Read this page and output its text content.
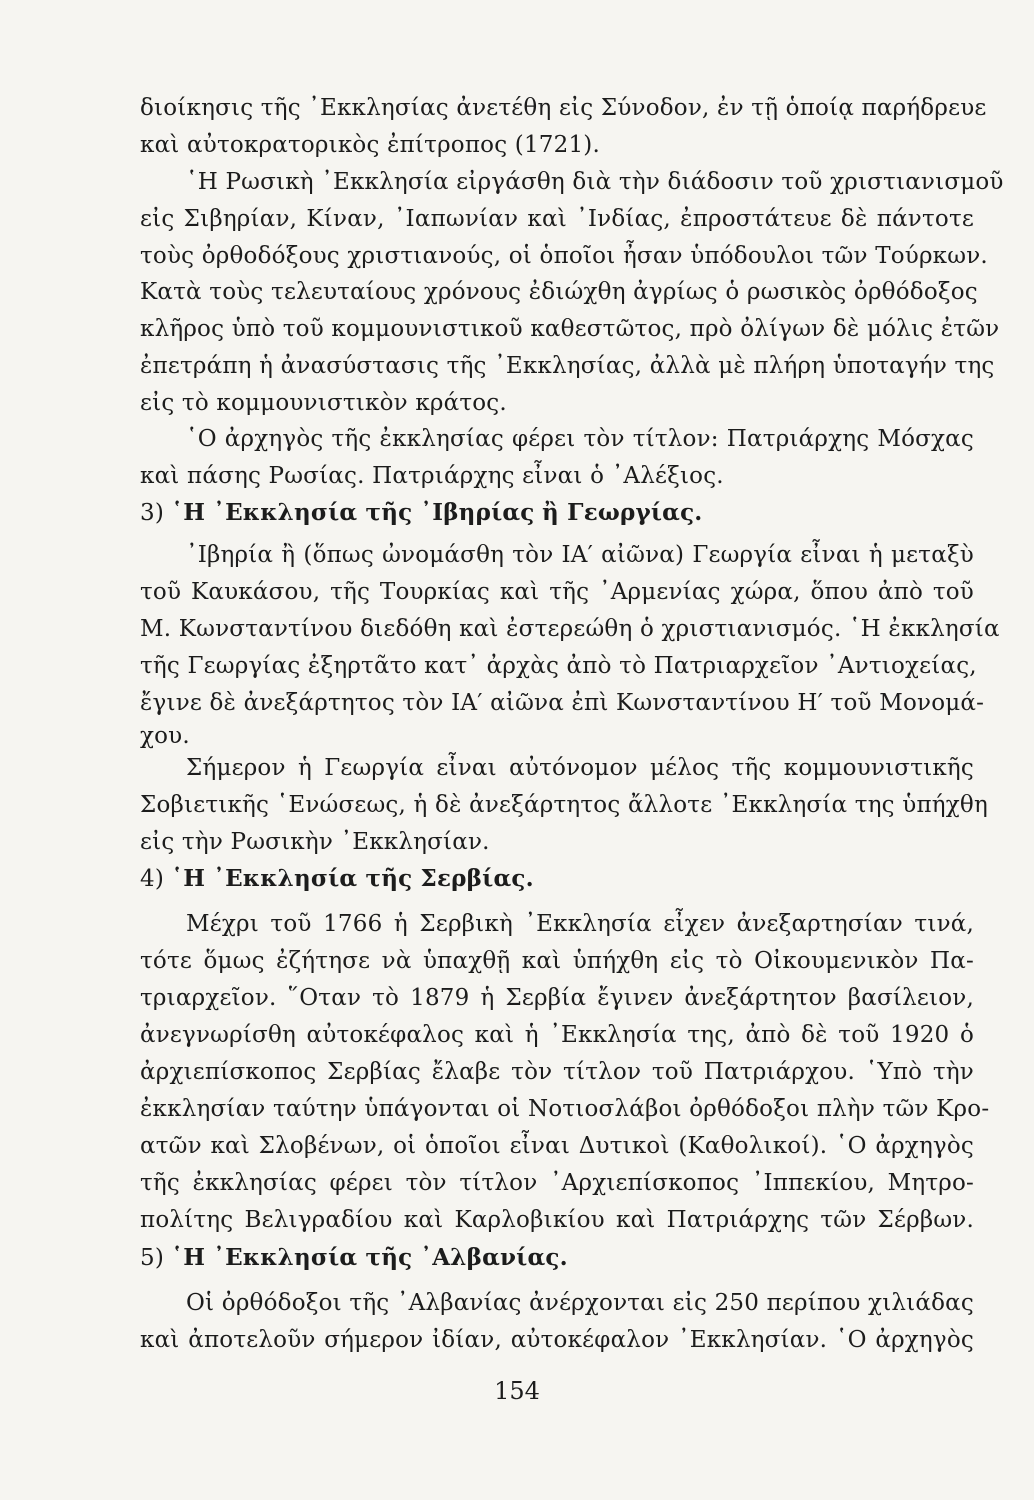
διοίκησις τῆς ᾿Εκκλησίας ἀνετέθη εἰς Σύνοδον, ἐν τῇ ὁποίᾳ παρήδρευε
καὶ αὐτοκρατορικὸς ἐπίτροπος (1721).
῾Η Ρωσικὴ ᾿Εκκλησία εἰργάσθη διὰ τὴν διάδοσιν τοῦ χριστιανισμοῦ
εἰς Σιβηρίαν, Κίναν, ᾿Ιαπωνίαν καὶ ᾿Ινδίας, ἐπροστάτευε δὲ πάντοτε
τοὺς ὀρθοδόξους χριστιανούς, οἱ ὁποῖοι ἦσαν ὑπόδουλοι τῶν Τούρκων.
Κατὰ τοὺς τελευταίους χρόνους ἐδιώχθη ἀγρίως ὁ ρωσικὸς ὀρθόδοξος
κλῆρος ὑπὸ τοῦ κομμουνιστικοῦ καθεστῶτος, πρὸ ὀλίγων δὲ μόλις ἐτῶν
ἐπετράπη ἡ ἀνασύστασις τῆς ᾿Εκκλησίας, ἀλλὰ μὲ πλήρη ὑποταγήν της
εἰς τὸ κομμουνιστικὸν κράτος.
῾Ο ἀρχηγὸς τῆς ἐκκλησίας φέρει τὸν τίτλον: Πατριάρχης Μόσχας
καὶ πάσης Ρωσίας. Πατριάρχης εἶναι ὁ ᾿Αλέξιος.
3) ῾Η ᾿Εκκλησία τῆς ᾿Ιβηρίας ἢ Γεωργίας.
᾿Ιβηρία ἢ (ὅπως ὠνομάσθη τὸν ΙΑ′ αἰῶνα) Γεωργία εἶναι ἡ μεταξὺ
τοῦ Καυκάσου, τῆς Τουρκίας καὶ τῆς ᾿Αρμενίας χώρα, ὅπου ἀπὸ τοῦ
Μ. Κωνσταντίνου διεδόθη καὶ ἐστερεώθη ὁ χριστιανισμός. ῾Η ἐκκλησία
τῆς Γεωργίας ἐξηρτᾶτο κατ᾿ ἀρχὰς ἀπὸ τὸ Πατριαρχεῖον ᾿Αντιοχείας,
ἔγινε δὲ ἀνεξάρτητος τὸν ΙΑ′ αἰῶνα ἐπὶ Κωνσταντίνου Η′ τοῦ Μονομά-
χου.
Σήμερον ἡ Γεωργία εἶναι αὐτόνομον μέλος τῆς κομμουνιστικῆς
Σοβιετικῆς ῾Ενώσεως, ἡ δὲ ἀνεξάρτητος ἄλλοτε ᾿Εκκλησία της ὑπήχθη
εἰς τὴν Ρωσικὴν ᾿Εκκλησίαν.
4) ῾Η ᾿Εκκλησία τῆς Σερβίας.
Μέχρι τοῦ 1766 ἡ Σερβικὴ ᾿Εκκλησία εἶχεν ἀνεξαρτησίαν τινά,
τότε ὅμως ἐζήτησε νὰ ὑπαχθῇ καὶ ὑπήχθη εἰς τὸ Οἰκουμενικὸν Πα-
τριαρχεῖον. ῞Οταν τὸ 1879 ἡ Σερβία ἔγινεν ἀνεξάρτητον βασίλειον,
ἀνεγνωρίσθη αὐτοκέφαλος καὶ ἡ ᾿Εκκλησία της, ἀπὸ δὲ τοῦ 1920 ὁ
ἀρχιεπίσκοπος Σερβίας ἔλαβε τὸν τίτλον τοῦ Πατριάρχου. ῾Υπὸ τὴν
ἐκκλησίαν ταύτην ὑπάγονται οἱ Νοτιοσλάβοι ὀρθόδοξοι πλὴν τῶν Κρο-
ατῶν καὶ Σλοβένων, οἱ ὁποῖοι εἶναι Δυτικοὶ (Καθολικοί). ῾Ο ἀρχηγὸς
τῆς ἐκκλησίας φέρει τὸν τίτλον ᾿Αρχιεπίσκοπος ᾿Ιππεκίου, Μητρο-
πολίτης Βελιγραδίου καὶ Καρλοβικίου καὶ Πατριάρχης τῶν Σέρβων.
5) ῾Η ᾿Εκκλησία τῆς ᾿Αλβανίας.
Οἱ ὀρθόδοξοι τῆς ᾿Αλβανίας ἀνέρχονται εἰς 250 περίπου χιλιάδας
καὶ ἀποτελοῦν σήμερον ἰδίαν, αὐτοκέφαλον ᾿Εκκλησίαν. ῾Ο ἀρχηγὸς
154
